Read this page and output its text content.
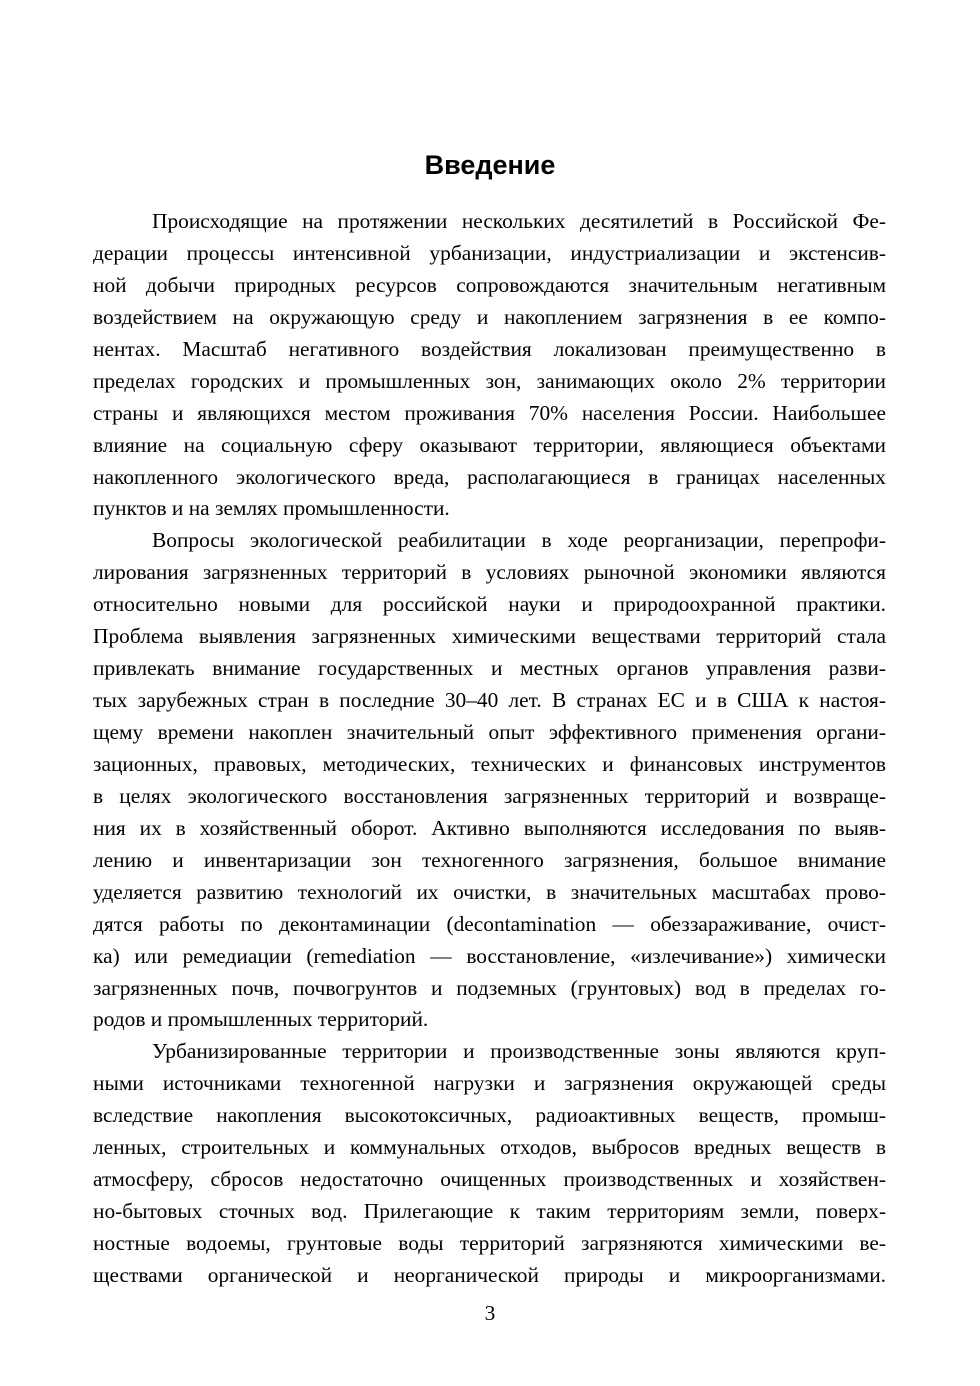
Введение
Происходящие на протяжении нескольких десятилетий в Российской Фе-
дерации процессы интенсивной урбанизации, индустриализации и экстенсив-
ной добычи природных ресурсов сопровождаются значительным негативным
воздействием на окружающую среду и накоплением загрязнения в ее компо-
нентах. Масштаб негативного воздействия локализован преимущественно в
пределах городских и промышленных зон, занимающих около 2% территории
страны и являющихся местом проживания 70% населения России. Наибольшее
влияние на социальную сферу оказывают территории, являющиеся объектами
накопленного экологического вреда, располагающиеся в границах населенных
пунктов и на землях промышленности.
Вопросы экологической реабилитации в ходе реорганизации, перепрофи-
лирования загрязненных территорий в условиях рыночной экономики являются
относительно новыми для российской науки и природоохранной практики.
Проблема выявления загрязненных химическими веществами территорий стала
привлекать внимание государственных и местных органов управления разви-
тых зарубежных стран в последние 30–40 лет. В странах ЕС и в США к настоя-
щему времени накоплен значительный опыт эффективного применения органи-
зационных, правовых, методических, технических и финансовых инструментов
в целях экологического восстановления загрязненных территорий и возвраще-
ния их в хозяйственный оборот. Активно выполняются исследования по выяв-
лению и инвентаризации зон техногенного загрязнения, большое внимание
уделяется развитию технологий их очистки, в значительных масштабах прово-
дятся работы по деконтаминации (decontamination — обеззараживание, очист-
ка) или ремедиации (remediation — восстановление, «излечивание») химически
загрязненных почв, почвогрунтов и подземных (грунтовых) вод в пределах го-
родов и промышленных территорий.
Урбанизированные территории и производственные зоны являются круп-
ными источниками техногенной нагрузки и загрязнения окружающей среды
вследствие накопления высокотоксичных, радиоактивных веществ, промыш-
ленных, строительных и коммунальных отходов, выбросов вредных веществ в
атмосферу, сбросов недостаточно очищенных производственных и хозяйствен-
но-бытовых сточных вод. Прилегающие к таким территориям земли, поверх-
ностные водоемы, грунтовые воды территорий загрязняются химическими ве-
ществами органической и неорганической природы и микроорганизмами.
3
